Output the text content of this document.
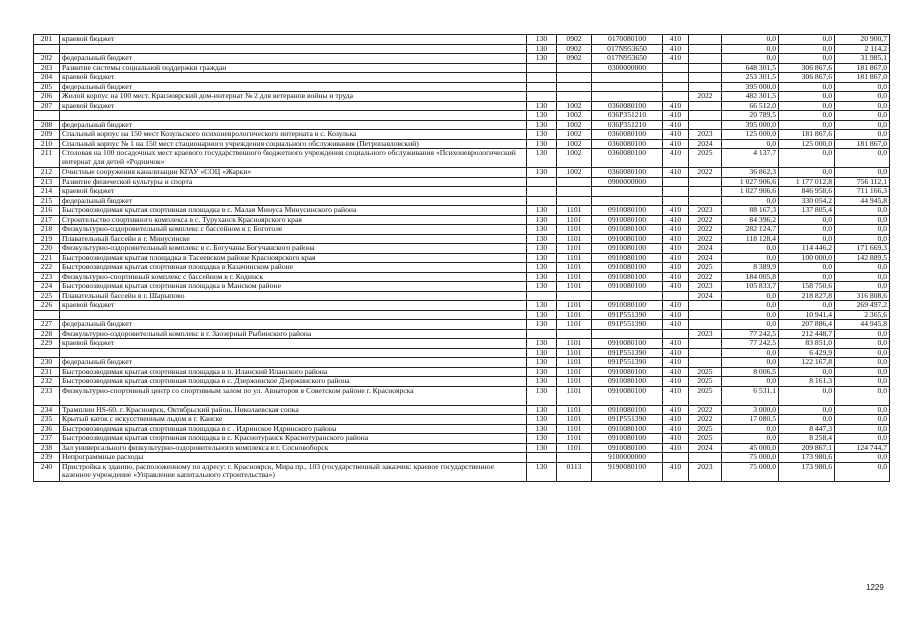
201	краевой бюджет	130	0902	0170080100	410		0,0	0,0	20 900,7
		130	0902	017N953650	410		0,0	0,0	2 114,2
202	федеральный бюджет	130	0902	017N953650	410		0,0	0,0	31 985,1
203	Развитие системы социальной поддержки граждан			0300000000			648 301,5	306 867,6	181 867,0
204	краевой бюджет						253 301,5	306 867,6	181 867,0
205	федеральный бюджет						395 000,0	0,0	0,0
206	Жилой корпус на 100 мест. Красноярский дом-интернат № 2 для ветеранов войны и труда					2022	482 301,5	0,0	0,0
207	краевой бюджет	130	1002	0360080100	410		66 512,0	0,0	0,0
		130	1002	036P351210	410		20 789,5	0,0	0,0
208	федеральный бюджет	130	1002	036P351210	410		395 000,0	0,0	0,0
209	Спальный корпус на 150 мест Козульского психоневрологического интерната в с. Козулька	130	1002	0360080100	410	2023	125 000,0	181 867,6	0,0
210	Спальный корпус № 1 на 150 мест стационарного учреждения социального обслуживания (Петропавловский)	130	1002	0360080100	410	2024	0,0	125 000,0	181 867,0
211	Столовая на 100 посадочных мест краевого государственного бюджетного учреждения социального обслуживания «Психоневрологический интернат для детей «Родничок»	130	1002	0360080100	410	2025	4 137,7	0,0	0,0
212	Очистные сооружения канализации КГАУ «СОЦ «Жарки»	130	1002	0360080100	410	2022	36 862,3	0,0	0,0
213	Развитие физической культуры и спорта			0900000000			1 027 906,6	1 177 012,8	756 112,1
214	краевой бюджет						1 027 906,6	846 958,6	711 166,3
215	федеральный бюджет						0,0	330 054,2	44 945,8
216	Быстровозводимая крытая спортивная площадка в с. Малая Минуса Минусинского района	130	1101	0910080100	410	2023	88 167,3	137 805,4	0,0
217	Строительство спортивного комплекса в с. Туруханск Красноярского края	130	1101	0910080100	410	2022	84 396,2	0,0	0,0
218	Физкультурно-оздоровительный комплекс с бассейном в г. Боготоле	130	1101	0910080100	410	2022	282 124,7	0,0	0,0
219	Плавательный бассейн в г. Минусинске	130	1101	0910080100	410	2022	118 128,4	0,0	0,0
220	Физкультурно-оздоровительный комплекс в с. Богучаны Богучанского района	130	1101	0910080100	410	2024	0,0	114 446,2	171 669,3
221	Быстровозводимая крытая площадка в Тасеевском районе Красноярского края	130	1101	0910080100	410	2024	0,0	100 000,0	142 889,5
222	Быстровозводимая крытая спортивная площадка в Казачинском районе	130	1101	0910080100	410	2025	8 389,9	0,0	0,0
223	Физкультурно-спортивный комплекс с бассейном в г. Кодинск	130	1101	0910080100	410	2022	184 005,8	0,0	0,0
224	Быстровозводимая крытая спортивная площадка в Манском районе	130	1101	0910080100	410	2023	105 833,7	158 750,6	0,0
225	Плавательный бассейн в г. Шарыпово					2024	0,0	218 827,8	316 808,6
226	краевой бюджет	130	1101	0910080100	410		0,0	0,0	269 497,2
		130	1101	091P551390	410		0,0	10 941,4	2 365,6
227	федеральный бюджет	130	1101	091P551390	410		0,0	207 886,4	44 945,8
228	Физкультурно-оздоровительный комплекс в г. Заозерный Рыбинского района					2023	77 242,5	212 448,7	0,0
229	краевой бюджет	130	1101	0910080100	410		77 242,5	83 851,0	0,0
		130	1101	091P551390	410		0,0	6 429,9	0,0
230	федеральный бюджет	130	1101	091P551390	410		0,0	122 167,8	0,0
231	Быстровозводимая крытая спортивная площадка в п. Иланский Иланского района	130	1101	0910080100	410	2025	8 006,5	0,0	0,0
232	Быстровозводимая крытая спортивная площадка в с. Дзержинское Дзержинского района	130	1101	0910080100	410	2025	0,0	8 161,3	0,0
233	Физкультурно-спортивный центр со спортивным залом по ул. Авиаторов в Советском районе г. Красноярска	130	1101	0910080100	410	2025	6 531,1	0,0	0,0
234	Трамплин HS-60. г. Красноярск, Октябрьский район, Николаевская сопка	130	1101	0910080100	410	2022	3 000,0	0,0	0,0
235	Крытый каток с искусственным льдом в г. Канске	130	1101	091P551390	410	2022	17 080,5	0,0	0,0
236	Быстровозводимая крытая спортивная площадка в с . Идринское Идринского района	130	1101	0910080100	410	2025	0,0	8 447,3	0,0
237	Быстровозводимая крытая спортивная площадка в с. Краснотуранск Краснотуранского района	130	1101	0910080100	410	2025	0,0	8 258,4	0,0
238	Зал универсального физкультурно-оздоровительного комплекса в г. Сосновоборск	130	1101	0910080100	410	2024	45 000,0	209 867,1	124 744,7
239	Непрограммные расходы			9100000000			75 000,0	173 980,6	0,0
240	Пристройка к зданию, расположенному по адресу: г. Красноярск, Мира пр., 103 (государственный заказчик: краевое государственное казенное учреждение «Управление капитального строительства»)	130	0113	9190080100	410	2023	75 000,0	173 980,6	0,0
1229
